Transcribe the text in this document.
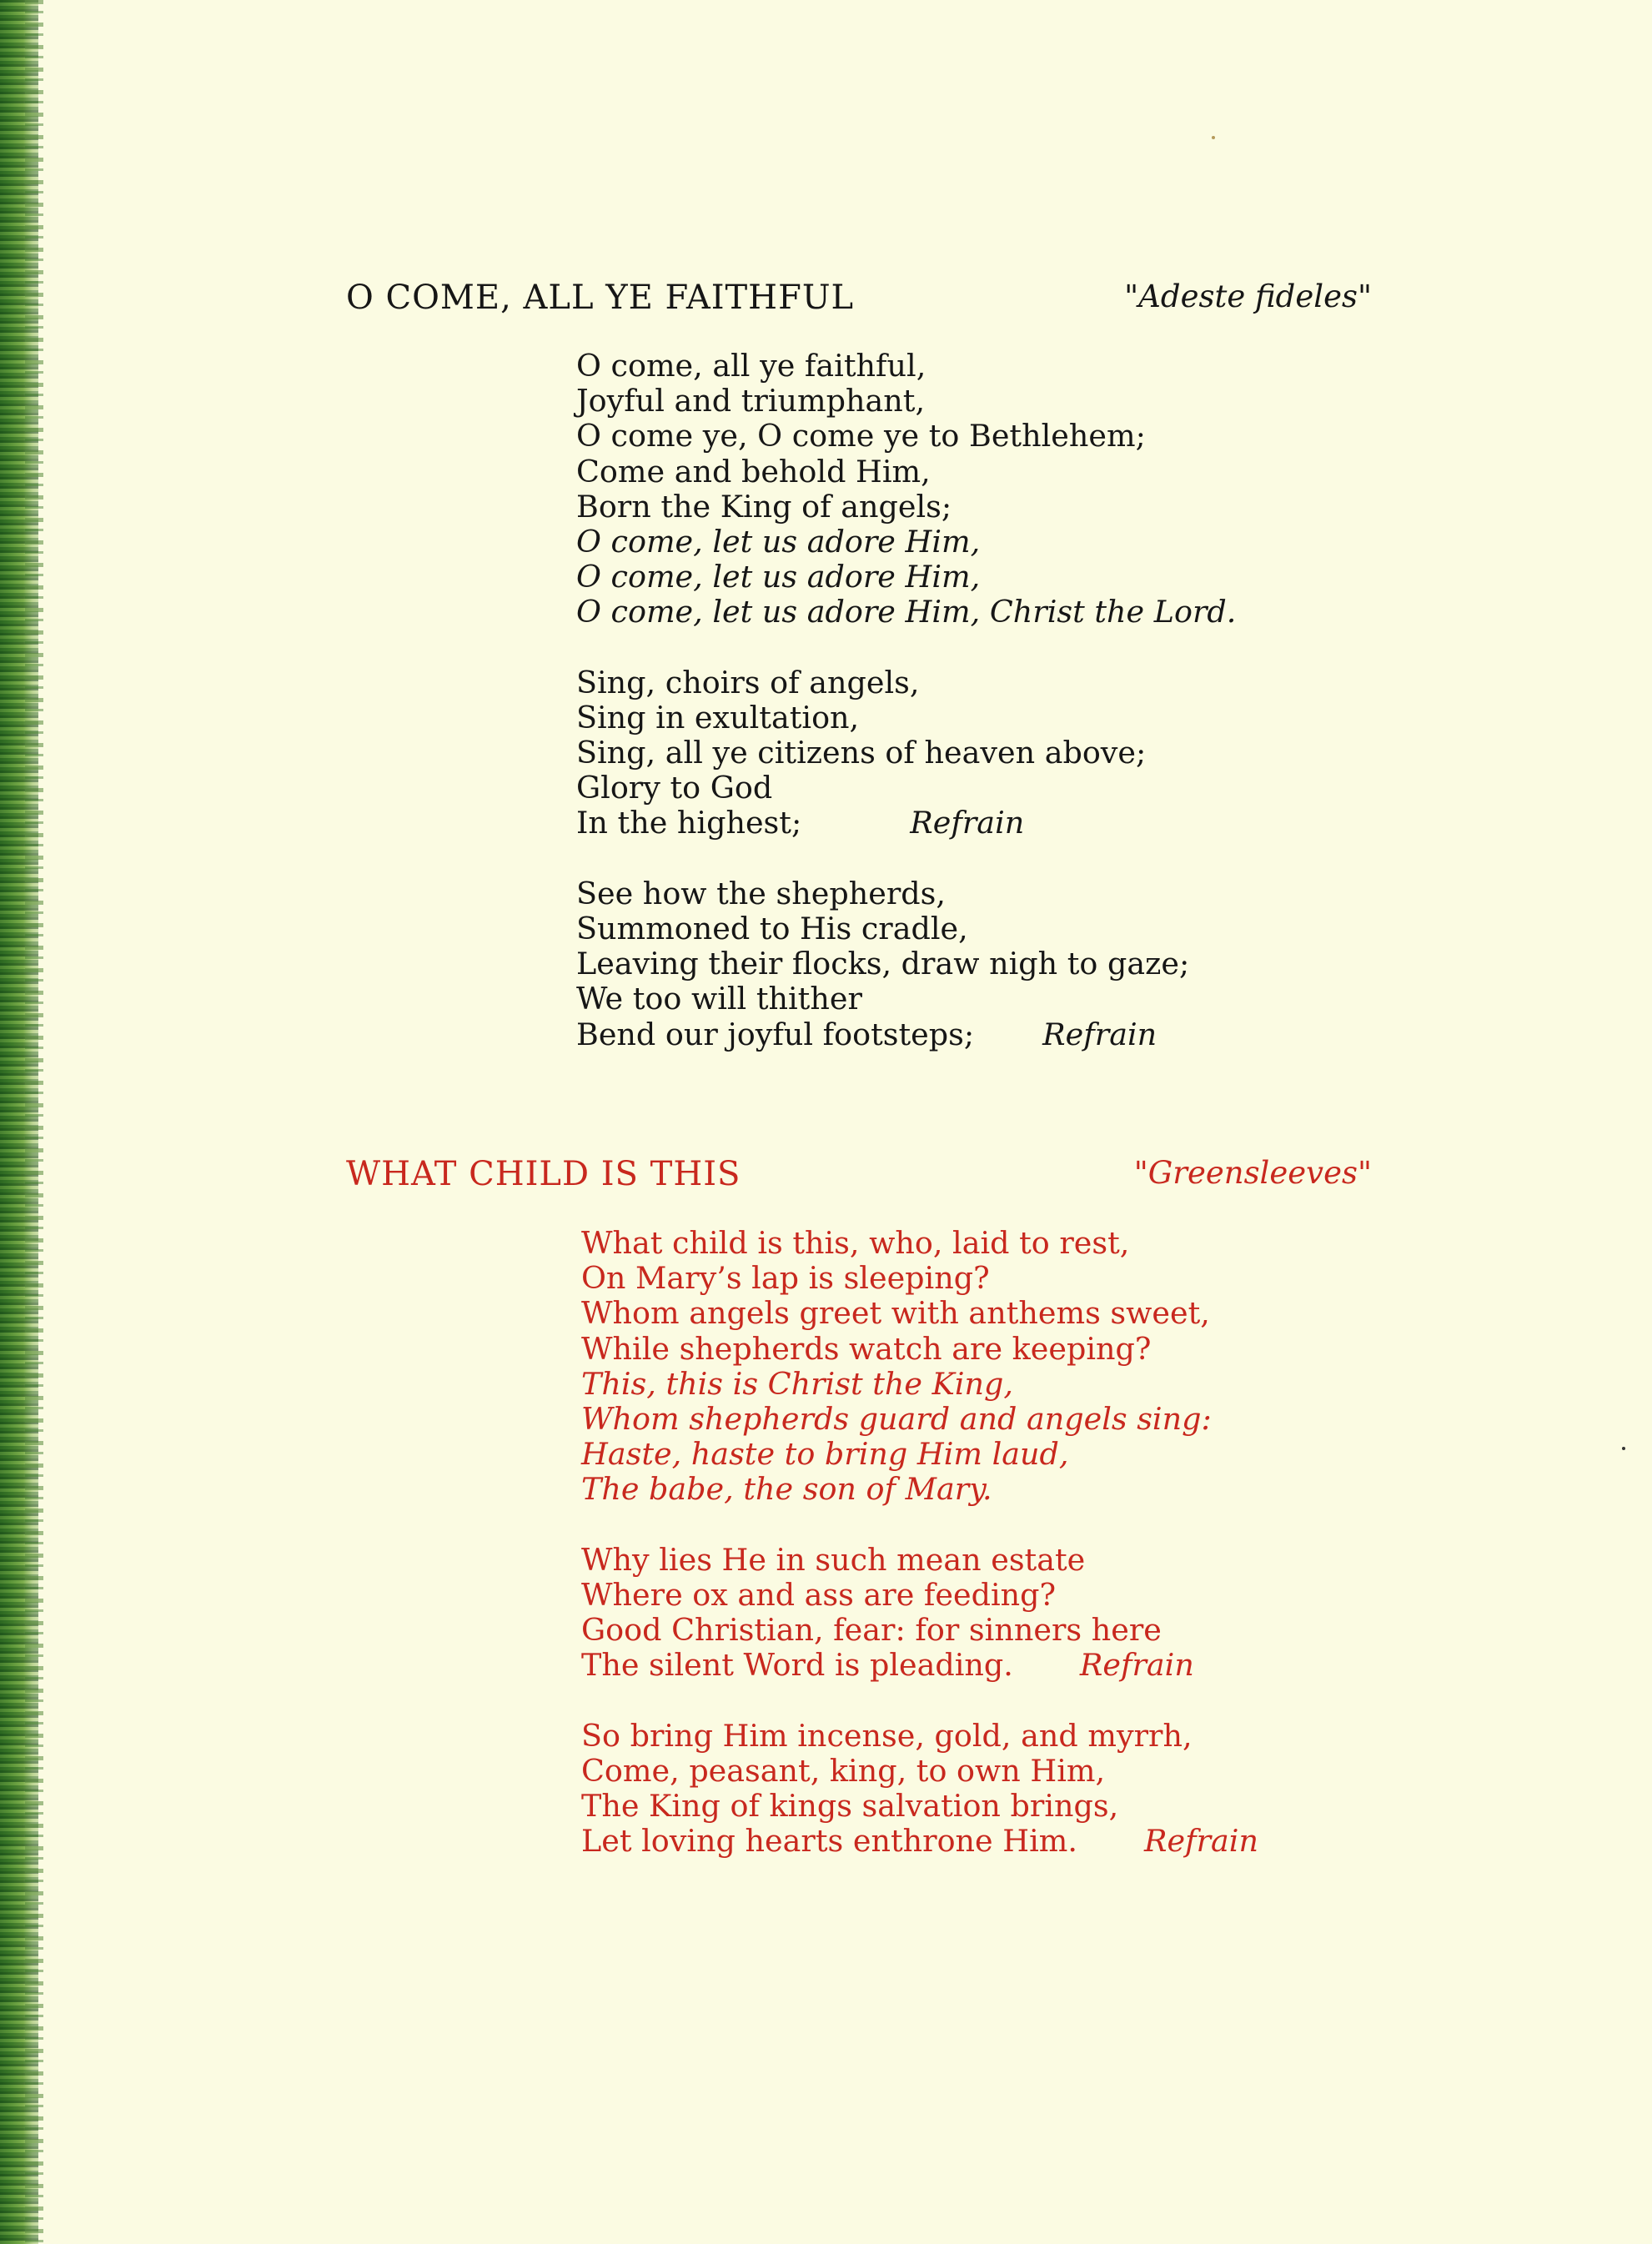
O COME, ALL YE FAITHFUL	"Adeste fideles"
O come, all ye faithful,
Joyful and triumphant,
O come ye, O come ye to Bethlehem;
Come and behold Him,
Born the King of angels;
O come, let us adore Him,
O come, let us adore Him,
O come, let us adore Him, Christ the Lord.
Sing, choirs of angels,
Sing in exultation,
Sing, all ye citizens of heaven above;
Glory to God
In the highest;	Refrain
See how the shepherds,
Summoned to His cradle,
Leaving their flocks, draw nigh to gaze;
We too will thither
Bend our joyful footsteps; Refrain
WHAT CHILD IS THIS	"Greensleeves"
What child is this, who, laid to rest,
On Mary’s lap is sleeping?
Whom angels greet with anthems sweet,
While shepherds watch are keeping?
This, this is Christ the King,
Whom shepherds guard and angels sing:
Haste, haste to bring Him laud,
The babe, the son of Mary.
Why lies He in such mean estate
Where ox and ass are feeding?
Good Christian, fear: for sinners here
The silent Word is pleading. Refrain
So bring Him incense, gold, and myrrh,
Come, peasant, king, to own Him,
The King of kings salvation brings,
Let loving hearts enthrone Him. Refrain
